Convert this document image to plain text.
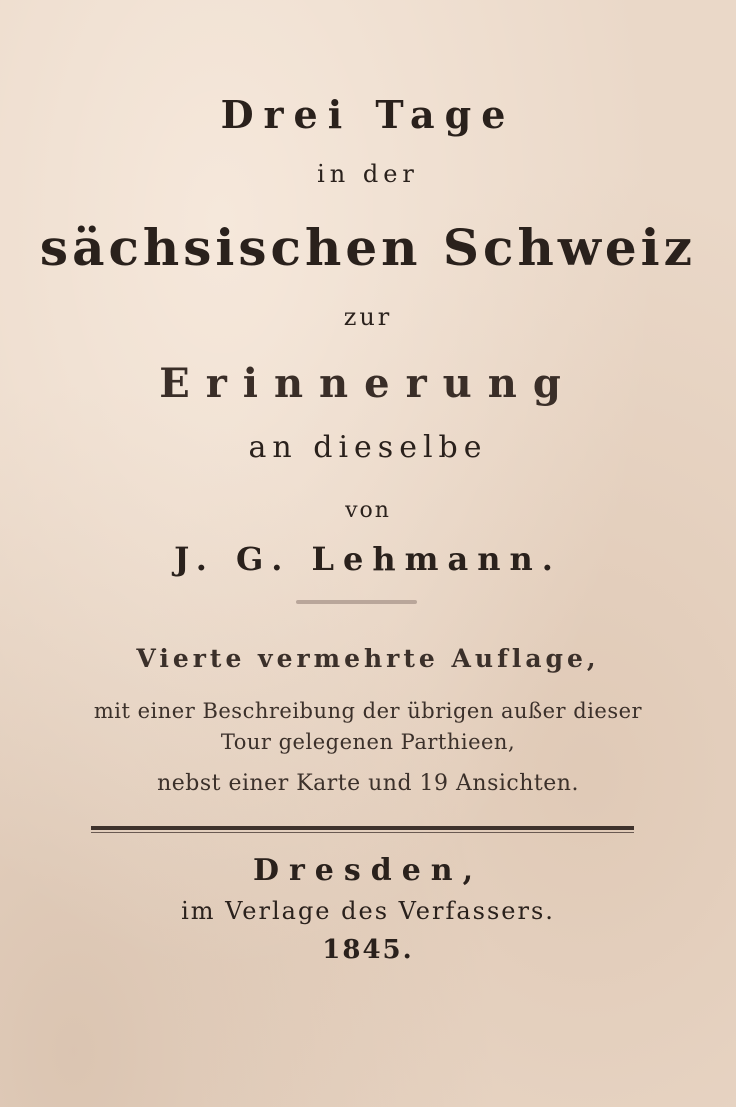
Drei Tage
in der
sächsischen Schweiz
zur
Erinnerung
an dieselbe
von
J. G. Lehmann.
Vierte vermehrte Auflage,
mit einer Beschreibung der übrigen außer dieser
Tour gelegenen Parthieen,
nebst einer Karte und 19 Ansichten.
Dresden,
im Verlage des Verfassers.
1845.
